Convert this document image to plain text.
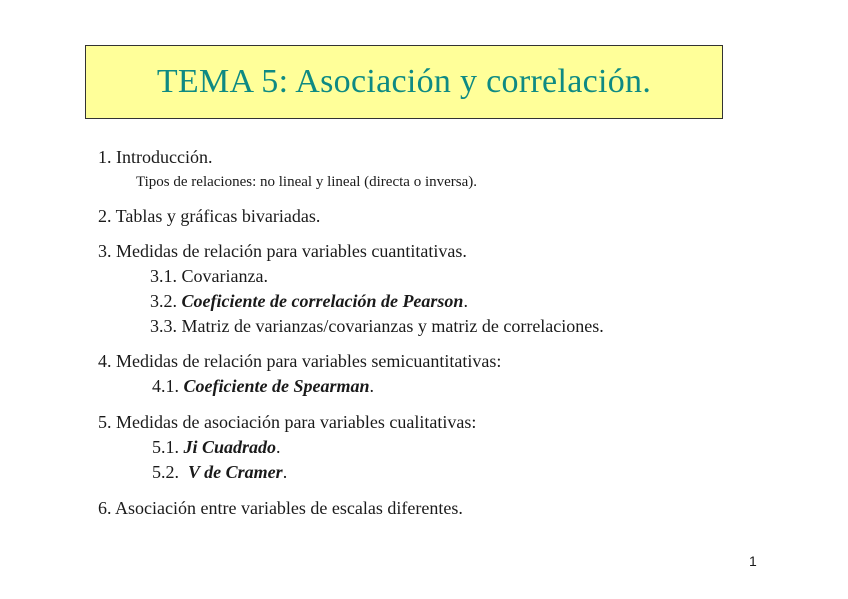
TEMA 5: Asociación y correlación.
1. Introducción.
Tipos de relaciones: no lineal y lineal (directa o inversa).
2. Tablas y gráficas bivariadas.
3. Medidas de relación para variables cuantitativas.
3.1. Covarianza.
3.2. Coeficiente de correlación de Pearson.
3.3. Matriz de varianzas/covarianzas y matriz de correlaciones.
4. Medidas de relación para variables semicuantitativas:
4.1. Coeficiente de Spearman.
5. Medidas de asociación para variables cualitativas:
5.1. Ji Cuadrado.
5.2.  V de Cramer.
6. Asociación entre variables de escalas diferentes.
1
